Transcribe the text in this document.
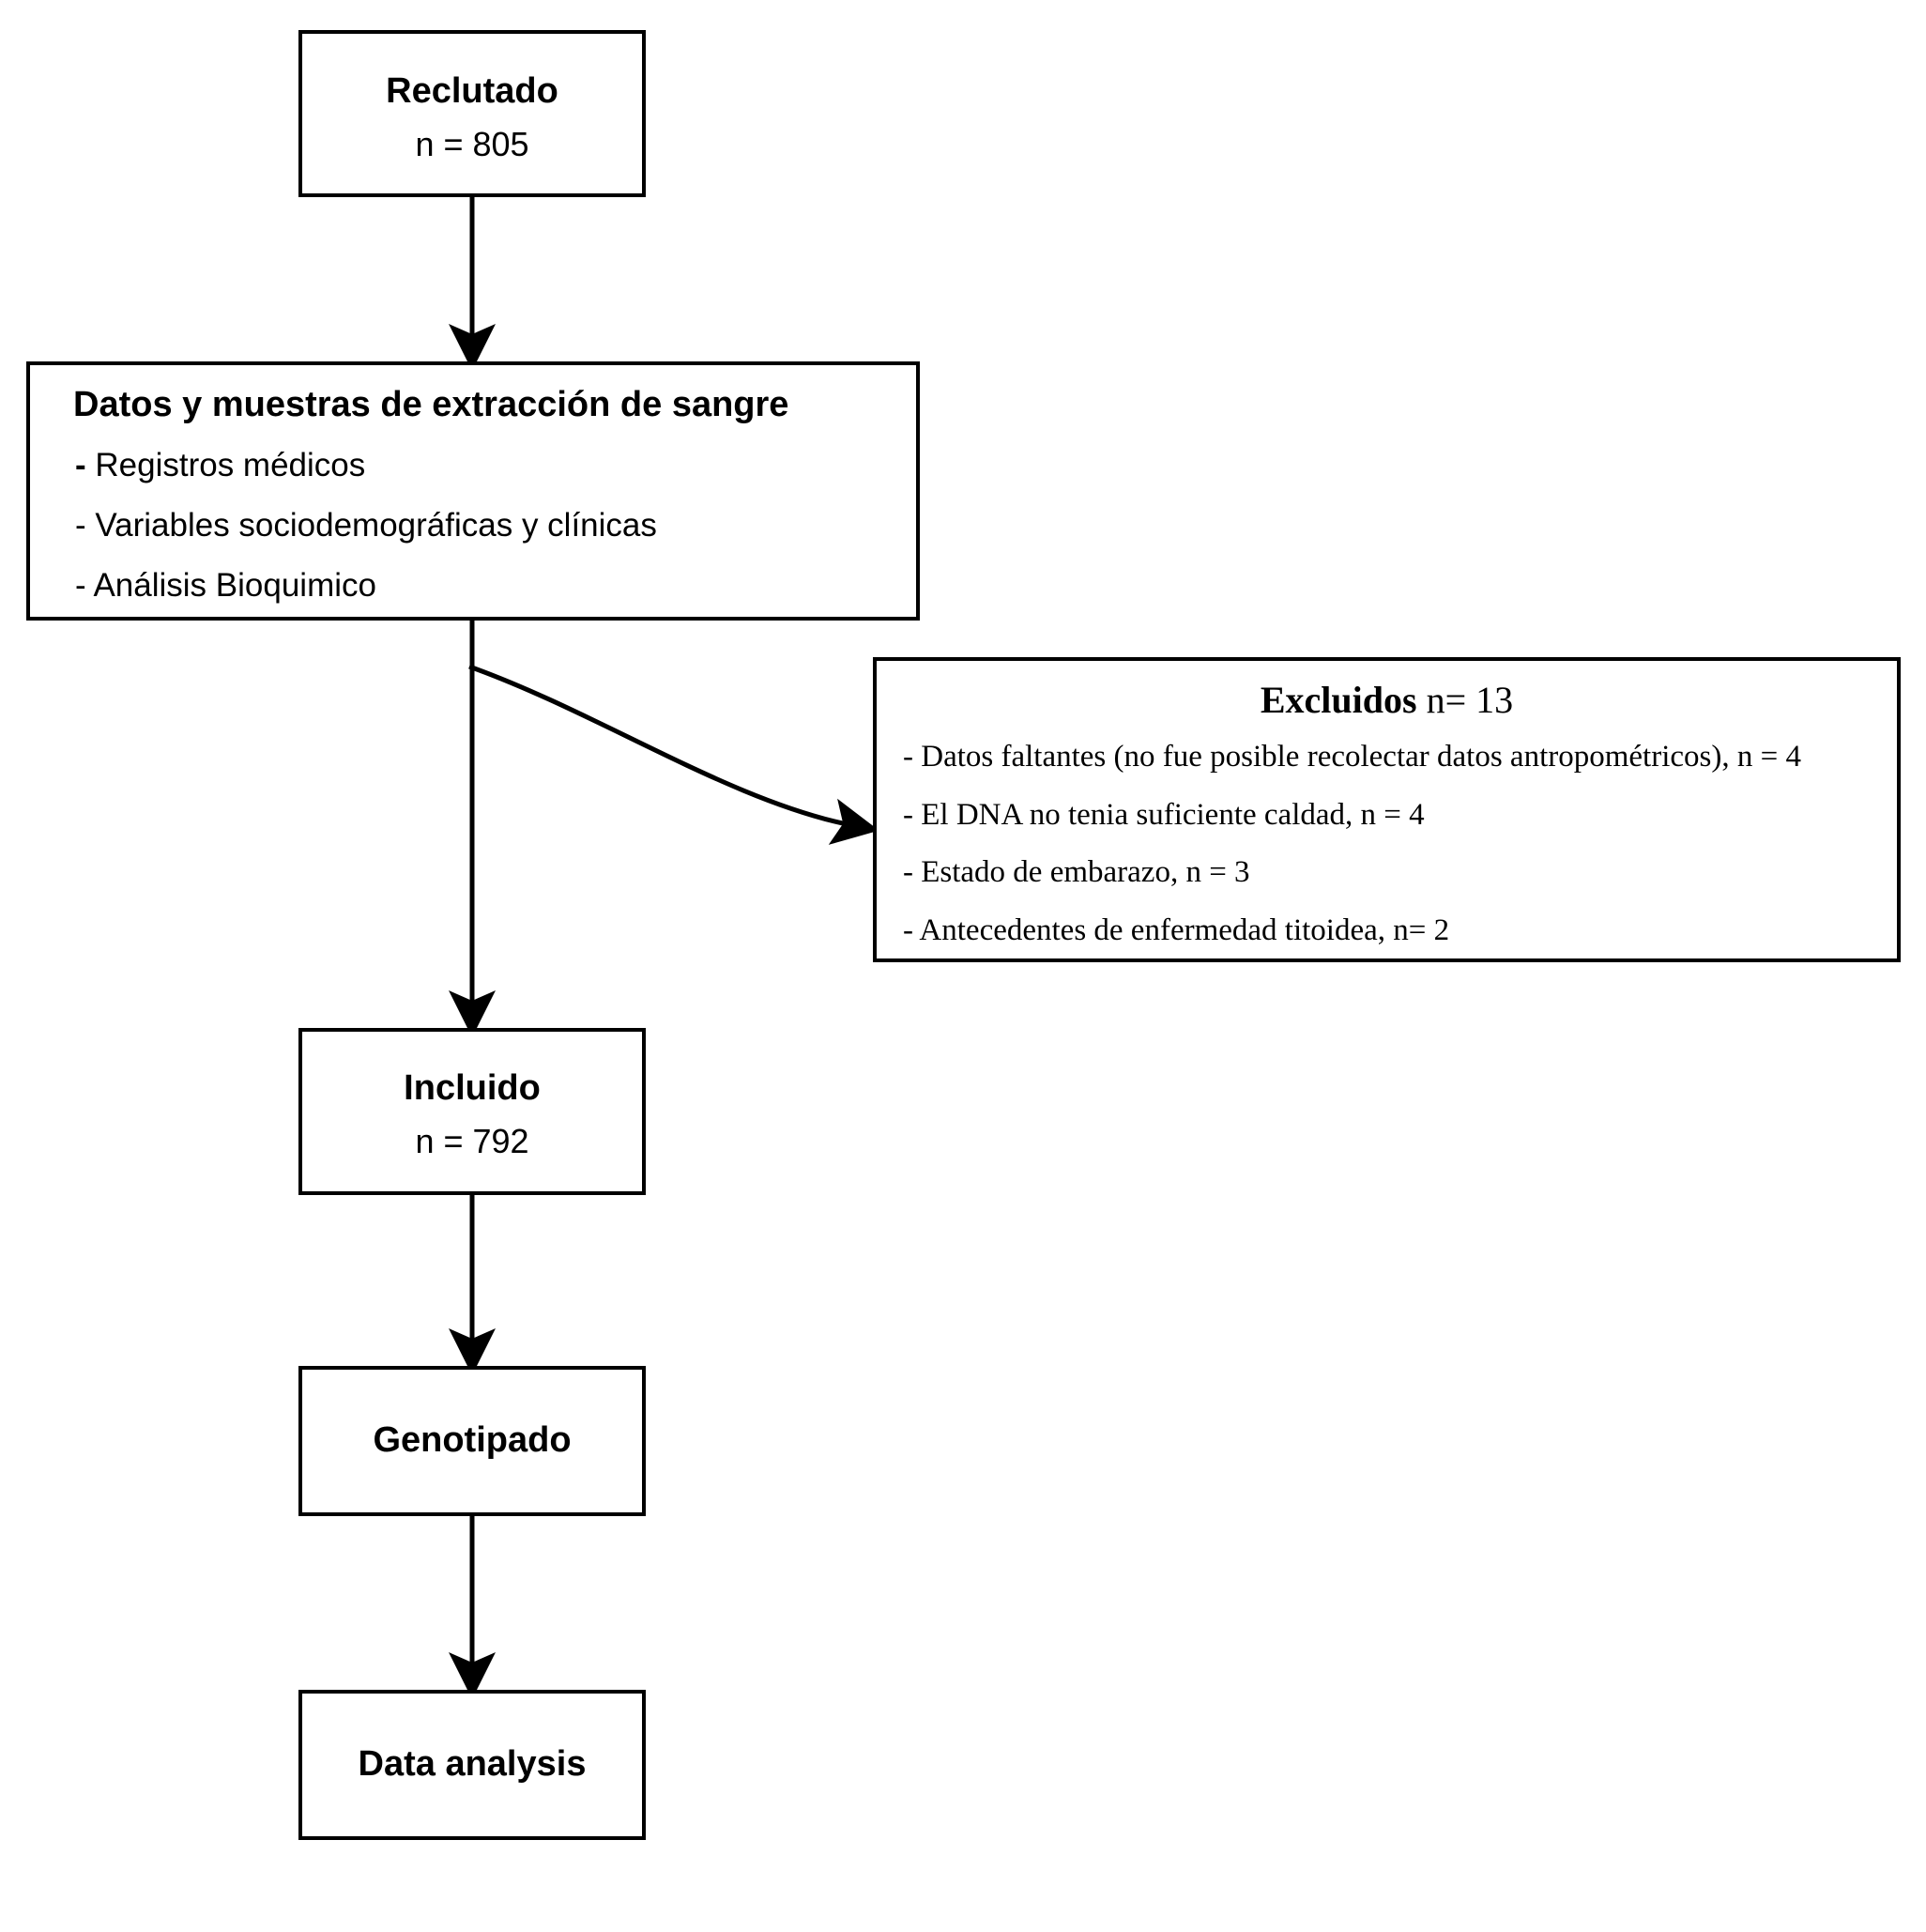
Reclutado
n = 805
Datos y muestras de extracción de sangre
- Registros médicos
- Variables sociodemográficas y clínicas
- Análisis Bioquimico
Excluidos n= 13
- Datos faltantes (no fue posible recolectar datos antropométricos), n = 4
- El DNA no tenia suficiente caldad, n = 4
- Estado de embarazo, n = 3
- Antecedentes de enfermedad titoidea, n= 2
Incluido
n = 792
Genotipado
Data analysis
